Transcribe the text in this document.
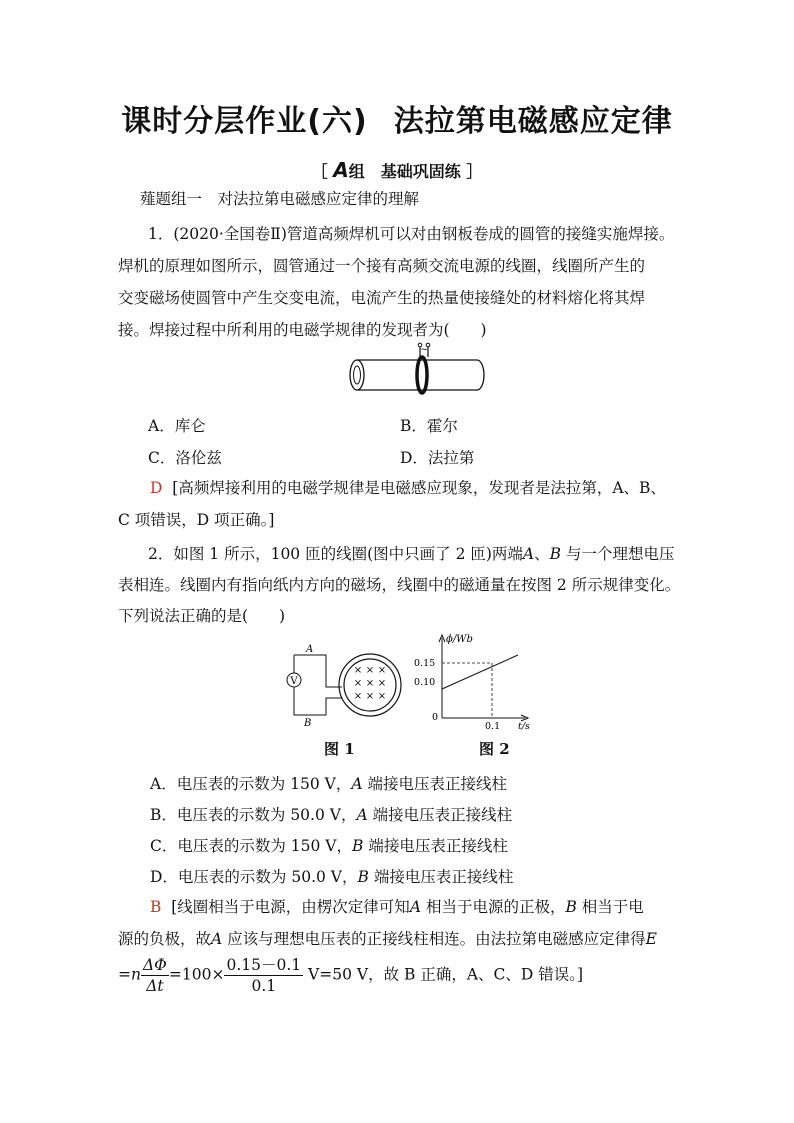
课时分层作业(六) 法拉第电磁感应定律
［ A组　基础巩固练 ］
薤题组一　对法拉第电磁感应定律的理解
1．(2020·全国卷Ⅱ)管道高频焊机可以对由钢板卷成的圆管的接缝实施焊接。
焊机的原理如图所示，圆管通过一个接有高频交流电源的线圈，线圈所产生的
交变磁场使圆管中产生交变电流，电流产生的热量使接缝处的材料熔化将其焊
接。焊接过程中所利用的电磁学规律的发现者为(　　)
~
A．库仑	B．霍尔
C．洛伦兹	D．法拉第
D [高频焊接利用的电磁学规律是电磁感应现象，发现者是法拉第，A、B、
C 项错误，D 项正确。]
2．如图 1 所示，100 匝的线圈(图中只画了 2 匝)两端A、B 与一个理想电压
表相连。线圈内有指向纸内方向的磁场，线圈中的磁通量在按图 2 所示规律变化。
下列说法正确的是(　　)
V
A
B
× × ×
× × ×
× × ×
图 1
ϕ/Wb
0.15
0.10
0
0.1 t/s
图 2
A．电压表的示数为 150 V，A 端接电压表正接线柱
B．电压表的示数为 50.0 V，A 端接电压表正接线柱
C．电压表的示数为 150 V，B 端接电压表正接线柱
D．电压表的示数为 50.0 V，B 端接电压表正接线柱
B [线圈相当于电源，由楞次定律可知A 相当于电源的正极，B 相当于电
源的负极，故A 应该与理想电压表的正接线柱相连。由法拉第电磁感应定律得E
$=n \frac{\Delta\Phi}{\Delta t} =100\times \frac{0.15-0.1}{0.1} V=50$ V，故 B 正确，A、C、D 错误。]
